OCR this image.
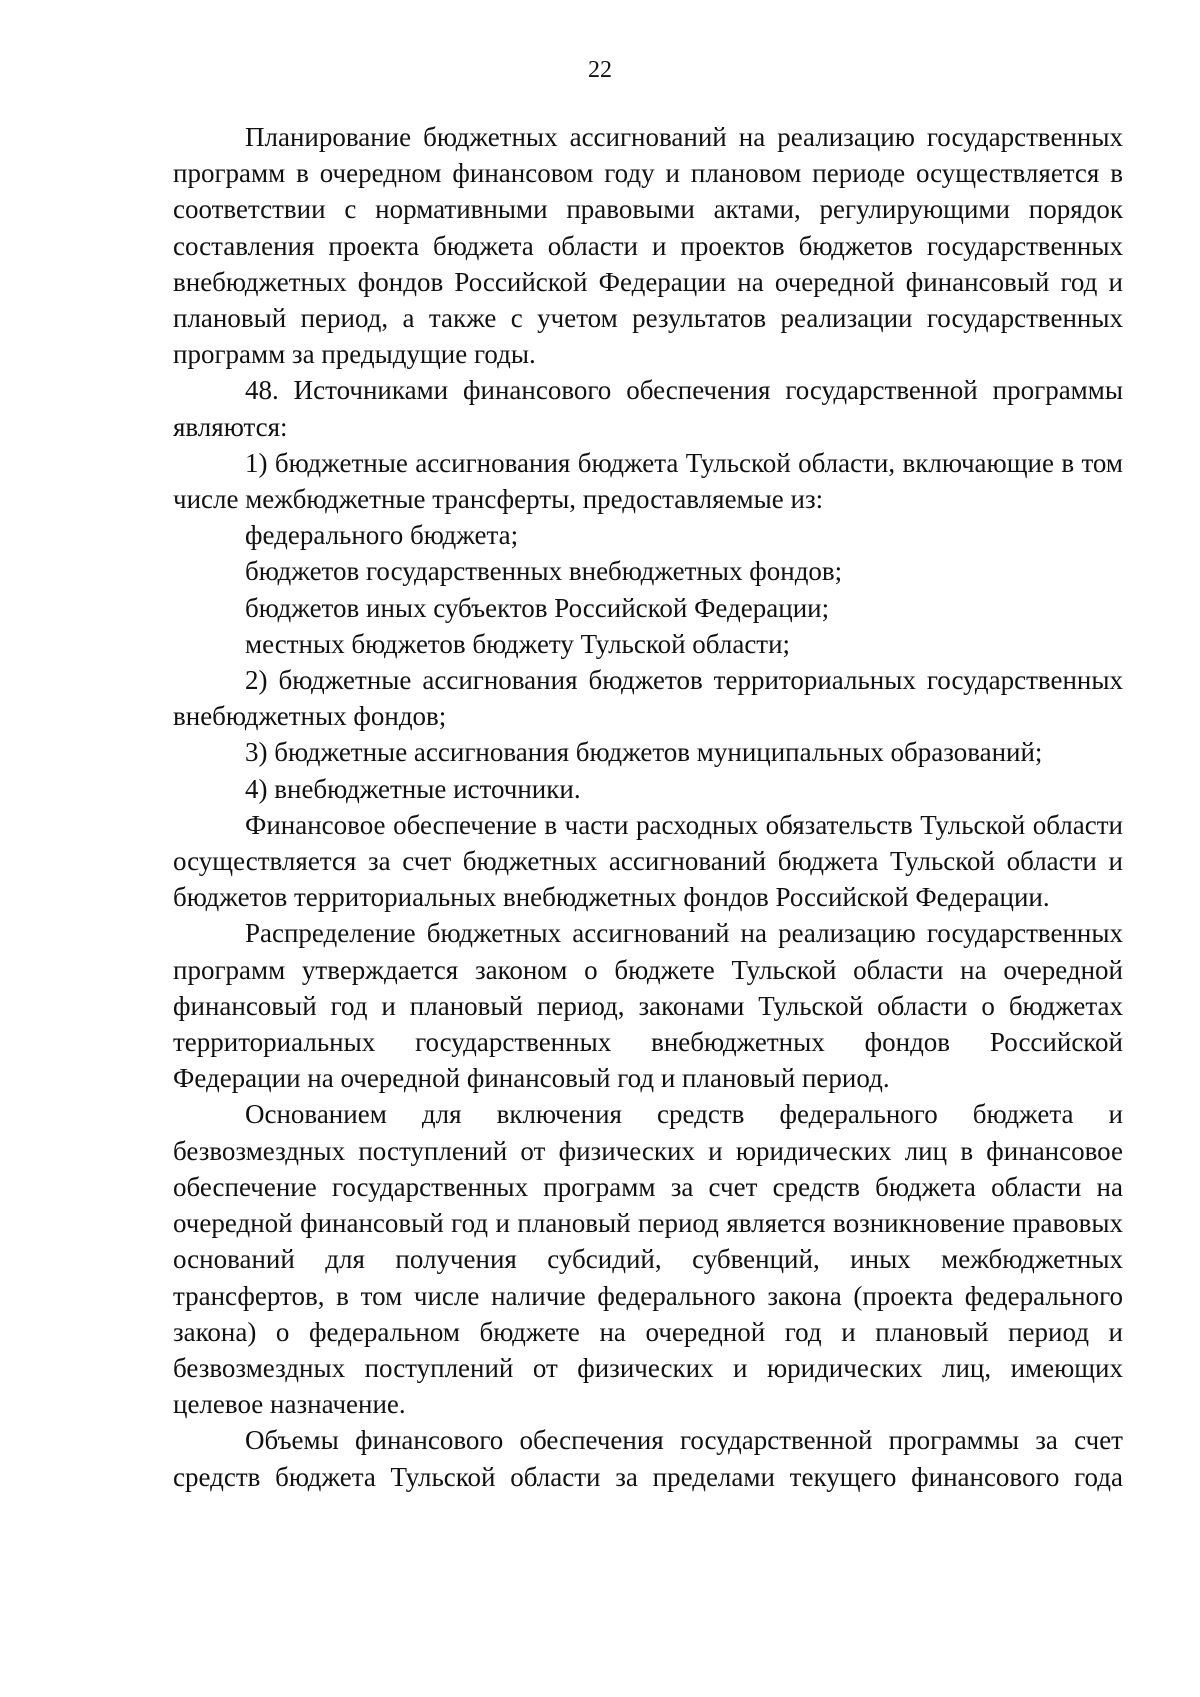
22

Планирование бюджетных ассигнований на реализацию государственных программ в очередном финансовом году и плановом периоде осуществляется в соответствии с нормативными правовыми актами, регулирующими порядок составления проекта бюджета области и проектов бюджетов государственных внебюджетных фондов Российской Федерации на очередной финансовый год и плановый период, а также с учетом результатов реализации государственных программ за предыдущие годы.

48. Источниками финансового обеспечения государственной программы являются:

1) бюджетные ассигнования бюджета Тульской области, включающие в том числе межбюджетные трансферты, предоставляемые из:

федерального бюджета;

бюджетов государственных внебюджетных фондов;

бюджетов иных субъектов Российской Федерации;

местных бюджетов бюджету Тульской области;

2) бюджетные ассигнования бюджетов территориальных государственных внебюджетных фондов;

3) бюджетные ассигнования бюджетов муниципальных образований;

4) внебюджетные источники.

Финансовое обеспечение в части расходных обязательств Тульской области осуществляется за счет бюджетных ассигнований бюджета Тульской области и бюджетов территориальных внебюджетных фондов Российской Федерации.

Распределение бюджетных ассигнований на реализацию государственных программ утверждается законом о бюджете Тульской области на очередной финансовый год и плановый период, законами Тульской области о бюджетах территориальных государственных внебюджетных фондов Российской Федерации на очередной финансовый год и плановый период.

Основанием для включения средств федерального бюджета и безвозмездных поступлений от физических и юридических лиц в финансовое обеспечение государственных программ за счет средств бюджета области на очередной финансовый год и плановый период является возникновение правовых оснований для получения субсидий, субвенций, иных межбюджетных трансфертов, в том числе наличие федерального закона (проекта федерального закона) о федеральном бюджете на очередной год и плановый период и безвозмездных поступлений от физических и юридических лиц, имеющих целевое назначение.

Объемы финансового обеспечения государственной программы за счет средств бюджета Тульской области за пределами текущего финансового года
